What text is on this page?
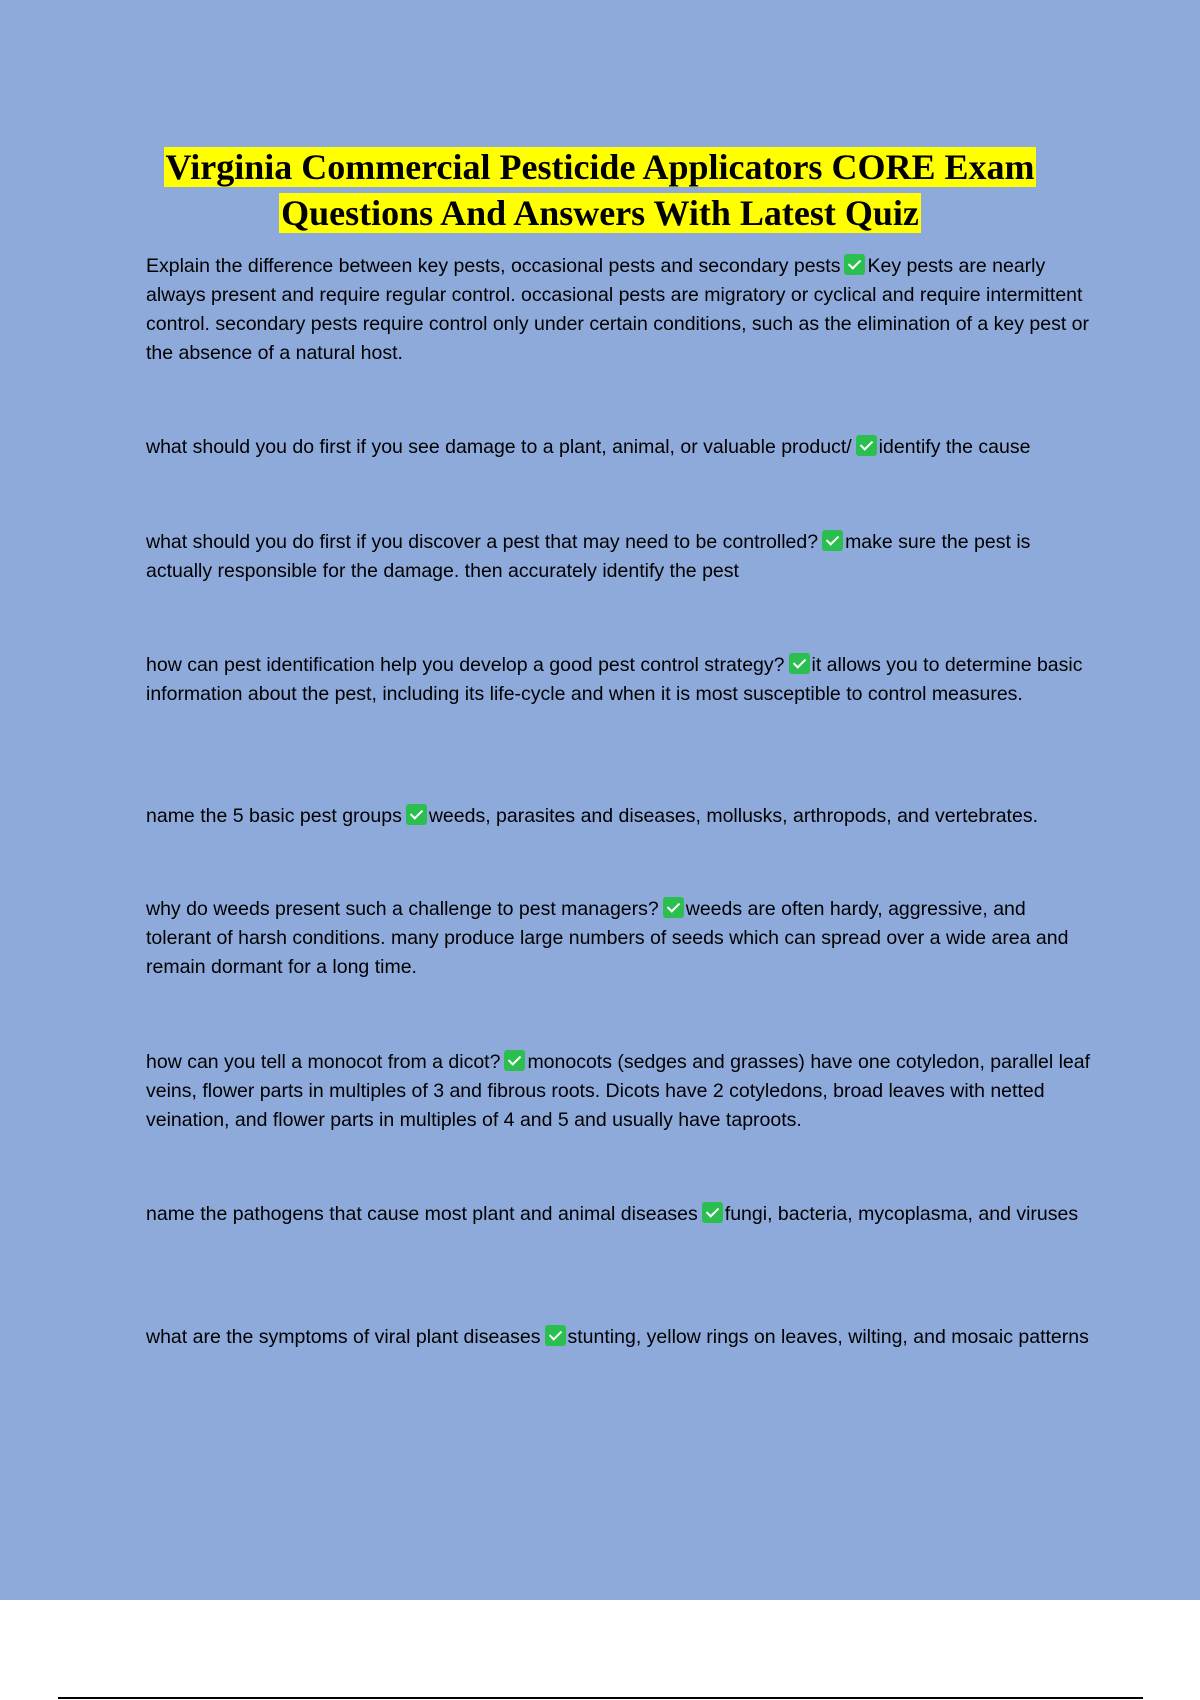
Virginia Commercial Pesticide Applicators CORE Exam
Questions And Answers With Latest Quiz
Explain the difference between key pests, occasional pests and secondary pests Key pests are nearly always present and require regular control. occasional pests are migratory or cyclical and require intermittent control. secondary pests require control only under certain conditions, such as the elimination of a key pest or the absence of a natural host.
what should you do first if you see damage to a plant, animal, or valuable product/ identify the cause
what should you do first if you discover a pest that may need to be controlled? make sure the pest is actually responsible for the damage. then accurately identify the pest
how can pest identification help you develop a good pest control strategy? it allows you to determine basic information about the pest, including its life-cycle and when it is most susceptible to control measures.
name the 5 basic pest groups weeds, parasites and diseases, mollusks, arthropods, and vertebrates.
why do weeds present such a challenge to pest managers? weeds are often hardy, aggressive, and tolerant of harsh conditions. many produce large numbers of seeds which can spread over a wide area and remain dormant for a long time.
how can you tell a monocot from a dicot? monocots (sedges and grasses) have one cotyledon, parallel leaf veins, flower parts in multiples of 3 and fibrous roots. Dicots have 2 cotyledons, broad leaves with netted veination, and flower parts in multiples of 4 and 5 and usually have taproots.
name the pathogens that cause most plant and animal diseases fungi, bacteria, mycoplasma, and viruses
what are the symptoms of viral plant diseases stunting, yellow rings on leaves, wilting, and mosaic patterns
